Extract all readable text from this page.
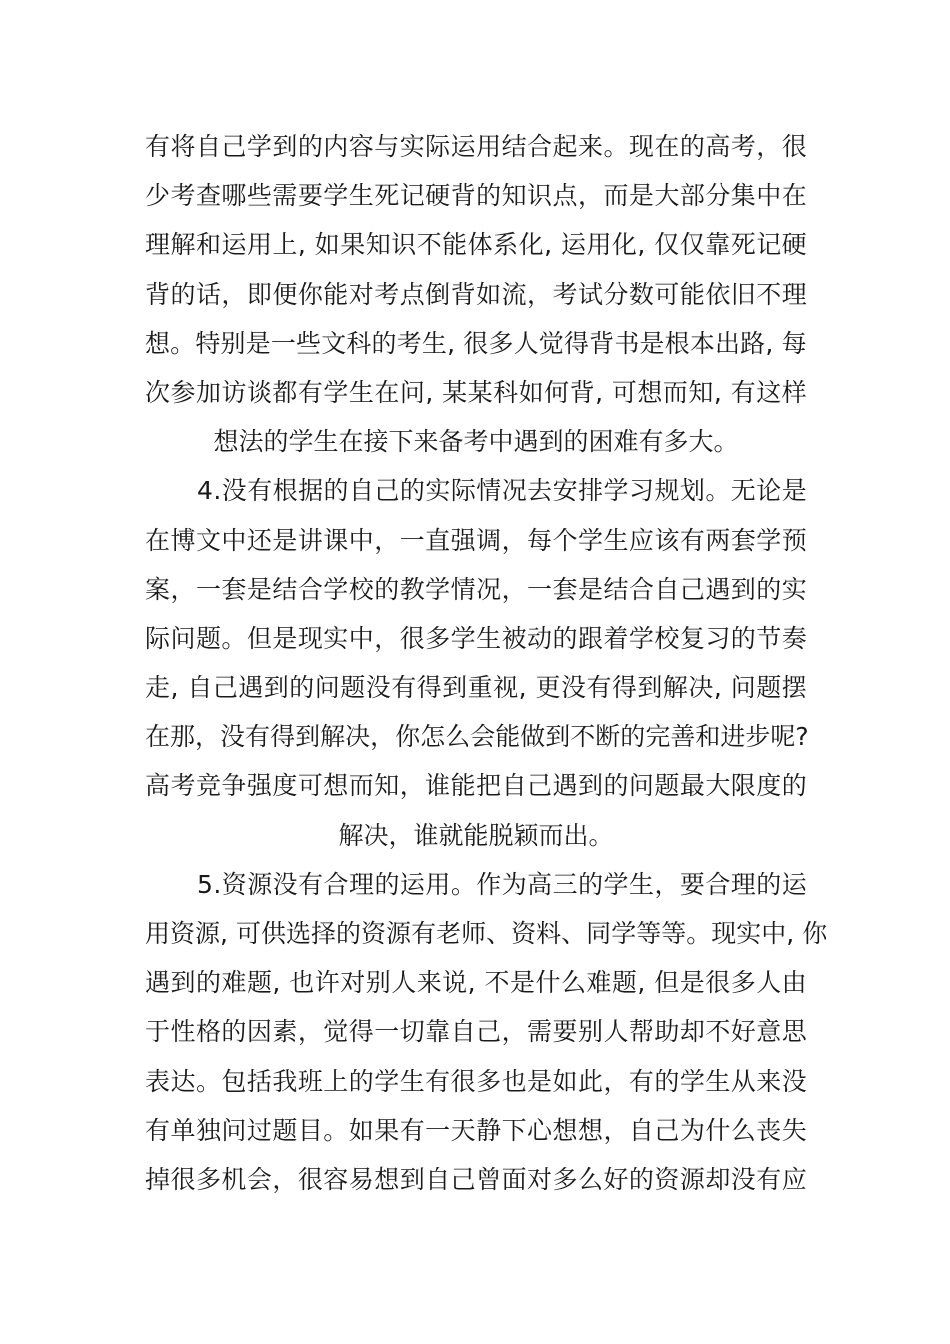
有 将 自 己 学 到 的 内 容 与 实 际 运 用 结 合 起 来 。 现 在 的 高 考 ， 很
少 考 查 哪 些 需 要 学 生 死 记 硬 背 的 知 识 点 ， 而 是 大 部 分 集 中 在
理 解 和 运 用 上 ,
如 果 知 识 不 能 体 系 化 ,
运 用 化 ,
仅 仅 靠 死 记 硬
背 的 话 ， 即 便 你 能 对 考 点 倒 背 如 流 ， 考 试 分 数 可 能 依 旧 不 理
想 。 特 别 是 一 些 文 科 的 考 生 ,
很 多 人 觉 得 背 书 是 根 本 出 路 ,
每
次 参 加 访 谈 都 有 学 生 在 问 ,
某 某 科 如 何 背 ,
可 想 而 知 ,
有 这 样
想法的学生在接下来备考中遇到的困难有多大。
4 . 没 有 根 据 的 自 己 的 实 际 情 况 去 安 排 学 习 规 划 。 无 论 是
在 博 文 中 还 是 讲 课 中 ， 一 直 强 调 ， 每 个 学 生 应 该 有 两 套 学 预
案 ， 一 套 是 结 合 学 校 的 教 学 情 况 ， 一 套 是 结 合 自 己 遇 到 的 实
际 问 题 。 但 是 现 实 中 ， 很 多 学 生 被 动 的 跟 着 学 校 复 习 的 节 奏
走 ,
自 己 遇 到 的 问 题 没 有 得 到 重 视 ,
更 没 有 得 到 解 决 ,
问 题 摆
在 那 ， 没 有 得 到 解 决 ， 你 怎 么 会 能 做 到 不 断 的 完 善 和 进 步 呢 ?
高 考 竞 争 强 度 可 想 而 知 ， 谁 能 把 自 己 遇 到 的 问 题 最 大 限 度 的
解决，谁就能脱颖而出。
5 . 资 源 没 有 合 理 的 运 用 。 作 为 高 三 的 学 生 ， 要 合 理 的 运
用 资 源 ,
可 供 选 择 的 资 源 有 老 师 、 资 料 、 同 学 等 等 。 现 实 中 ,
你
遇 到 的 难 题 ,
也 许 对 别 人 来 说 ,
不 是 什 么 难 题 ,
但 是 很 多 人 由
于 性 格 的 因 素 ， 觉 得 一 切 靠 自 己 ， 需 要 别 人 帮 助 却 不 好 意 思
表 达 。 包 括 我 班 上 的 学 生 有 很 多 也 是 如 此 ， 有 的 学 生 从 来 没
有 单 独 问 过 题 目 。 如 果 有 一 天 静 下 心 想 想 ， 自 己 为 什 么 丧 失
掉 很 多 机 会 ， 很 容 易 想 到 自 己 曾 面 对 多 么 好 的 资 源 却 没 有 应
